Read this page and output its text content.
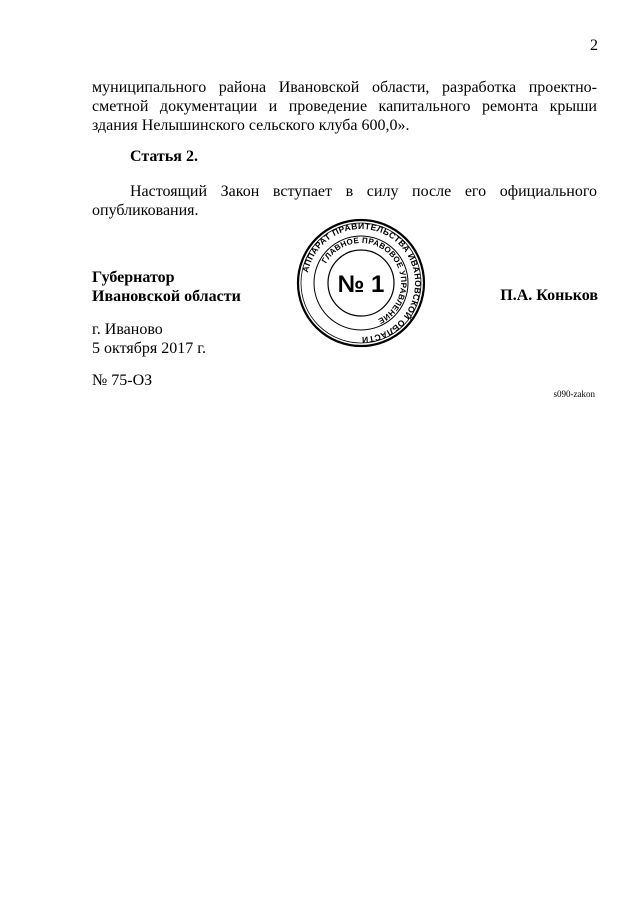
2

муниципального района Ивановской области, разработка проектно-сметной документации и проведение капитального ремонта крыши здания Нелышинского сельского клуба 600,0».

Статья 2.

Настоящий Закон вступает в силу после его официального опубликования.

Губернатор
Ивановской области	П.А. Коньков
АППАРАТ ПРАВИТЕЛЬСТВА ИВАНОВСКОЙ ОБЛАСТИ
ГЛАВНОЕ ПРАВОВОЕ УПРАВЛЕНИЕ
№ 1
г. Иваново
5 октября 2017 г.
№ 75-ОЗ
s090-zakon
